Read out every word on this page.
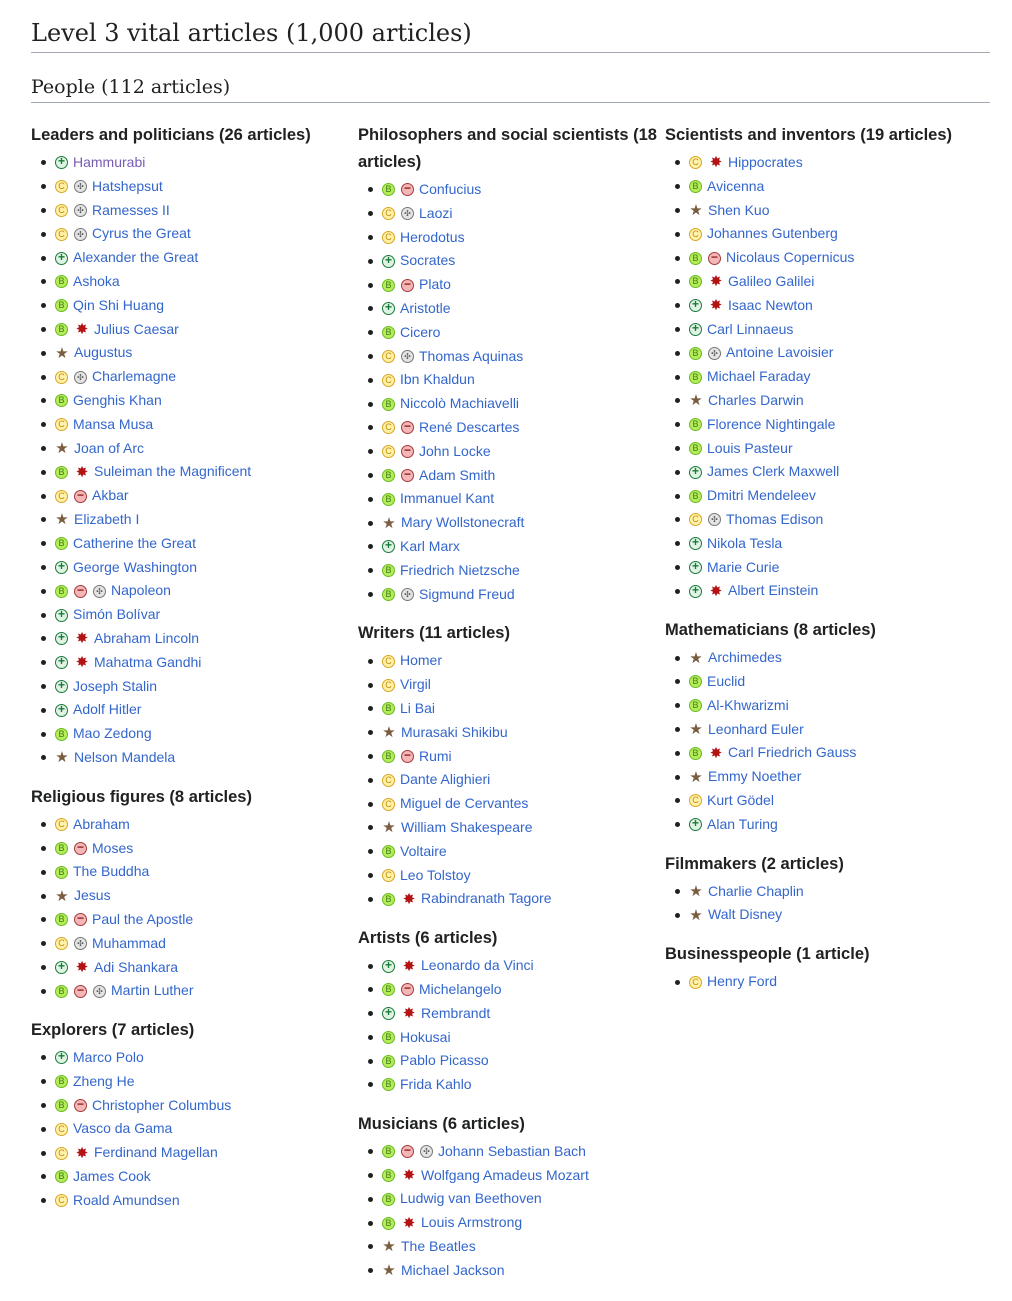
Level 3 vital articles (1,000 articles)
People (112 articles)
Leaders and politicians (26 articles)
+ Hammurabi
C	✣ Hatshepsut
C	✣ Ramesses II
C	✣ Cyrus the Great
+ Alexander the Great
B Ashoka
B Qin Shi Huang
B ✸ Julius Caesar
★ Augustus
C	✣ Charlemagne
B Genghis Khan
C Mansa Musa
★ Joan of Arc
B ✸ Suleiman the Magnificent
C − Akbar
★ Elizabeth I
B Catherine the Great
+ George Washington
B −	✣ Napoleon
+ Simón Bolívar
+ ✸ Abraham Lincoln
+ ✸ Mahatma Gandhi
+ Joseph Stalin
+ Adolf Hitler
B Mao Zedong
★ Nelson Mandela
Religious figures (8 articles)
C Abraham
B − Moses
B The Buddha
★ Jesus
B − Paul the Apostle
C	✣ Muhammad
+ ✸ Adi Shankara
B −	✣ Martin Luther
Explorers (7 articles)
+ Marco Polo
B Zheng He
B − Christopher Columbus
C Vasco da Gama
C ✸ Ferdinand Magellan
B James Cook
C Roald Amundsen
Philosophers and social scientists (18 articles)
B − Confucius
C	✣ Laozi
C Herodotus
+ Socrates
B − Plato
+ Aristotle
B Cicero
C	✣ Thomas Aquinas
C Ibn Khaldun
B Niccolò Machiavelli
C − René Descartes
C − John Locke
B − Adam Smith
B Immanuel Kant
★ Mary Wollstonecraft
+ Karl Marx
B Friedrich Nietzsche
B	✣ Sigmund Freud
Writers (11 articles)
C Homer
C Virgil
B Li Bai
★ Murasaki Shikibu
B − Rumi
C Dante Alighieri
C Miguel de Cervantes
★ William Shakespeare
B Voltaire
C Leo Tolstoy
B ✸ Rabindranath Tagore
Artists (6 articles)
+ ✸ Leonardo da Vinci
B − Michelangelo
+ ✸ Rembrandt
B Hokusai
B Pablo Picasso
B Frida Kahlo
Musicians (6 articles)
B −	✣ Johann Sebastian Bach
B ✸ Wolfgang Amadeus Mozart
B Ludwig van Beethoven
B ✸ Louis Armstrong
★ The Beatles
★ Michael Jackson
Scientists and inventors (19 articles)
C ✸ Hippocrates
B Avicenna
★ Shen Kuo
C Johannes Gutenberg
B − Nicolaus Copernicus
B ✸ Galileo Galilei
+ ✸ Isaac Newton
+ Carl Linnaeus
B	✣ Antoine Lavoisier
B Michael Faraday
★ Charles Darwin
B Florence Nightingale
B Louis Pasteur
+ James Clerk Maxwell
B Dmitri Mendeleev
C	✣ Thomas Edison
+ Nikola Tesla
+ Marie Curie
+ ✸ Albert Einstein
Mathematicians (8 articles)
★ Archimedes
B Euclid
B Al-Khwarizmi
★ Leonhard Euler
B ✸ Carl Friedrich Gauss
★ Emmy Noether
C Kurt Gödel
+ Alan Turing
Filmmakers (2 articles)
★ Charlie Chaplin
★ Walt Disney
Businesspeople (1 article)
C Henry Ford
